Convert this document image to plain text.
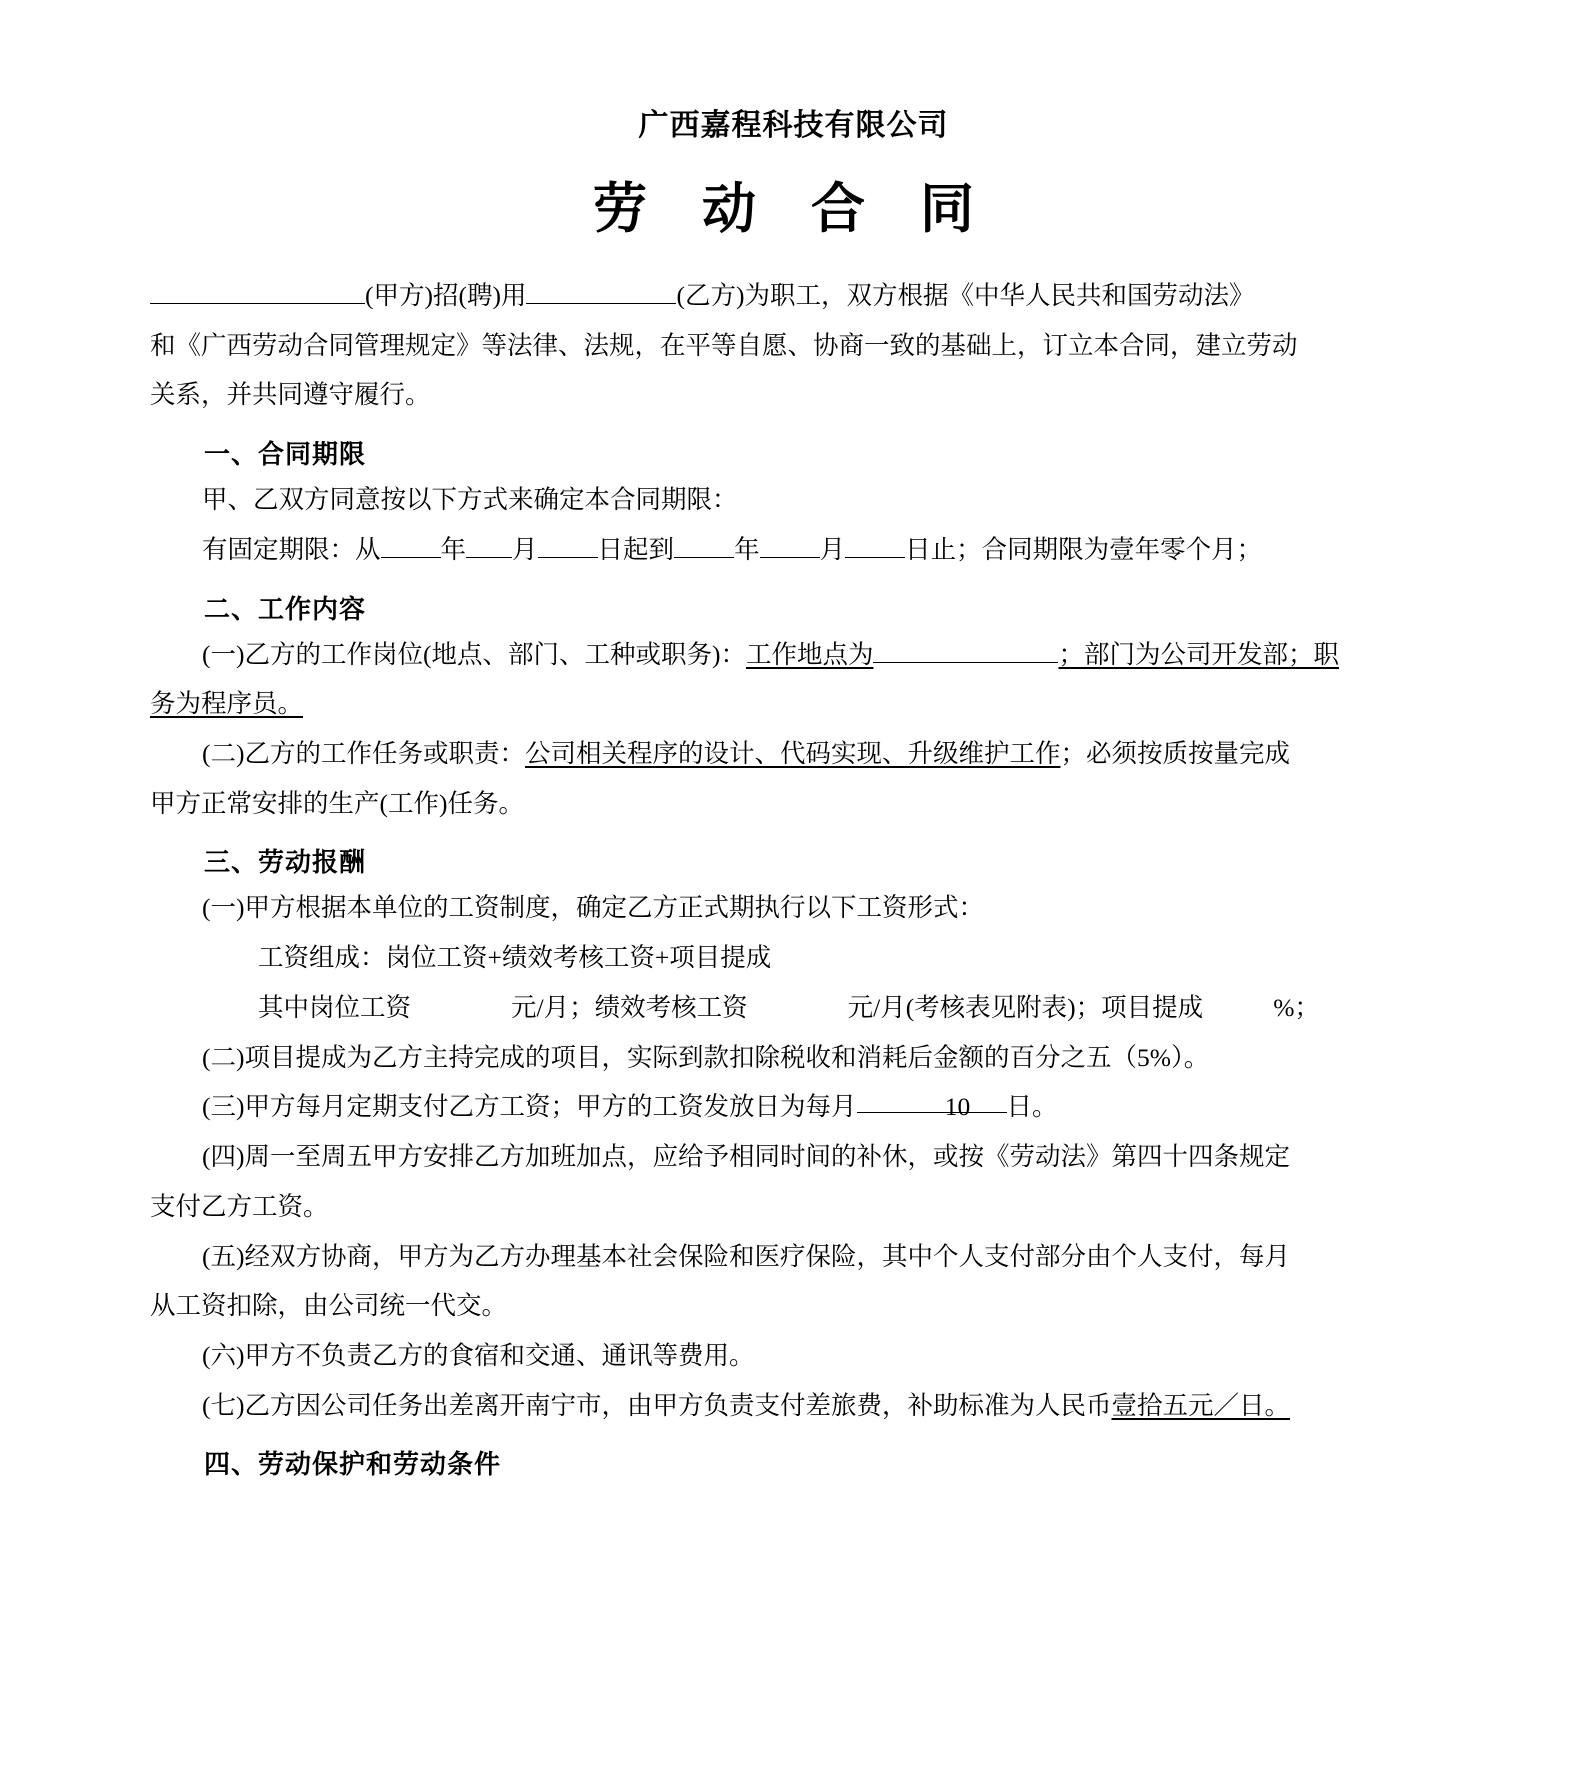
广西嘉程科技有限公司
劳 动 合 同

(甲方)招(聘)用	(乙方)为职工，双方根据《中华人民共和国劳动法》

和《广西劳动合同管理规定》等法律、法规，在平等自愿、协商一致的基础上，订立本合同，建立劳动

关系，并共同遵守履行。

一、合同期限

甲、乙双方同意按以下方式来确定本合同期限：

有固定期限：从 年 月 日起到 年 月 日止；合同期限为壹年零个月；

二、工作内容

(一)乙方的工作岗位(地点、部门、工种或职务)：工作地点为	；部门为公司开发部；职

务为程序员。

(二)乙方的工作任务或职责：公司相关程序的设计、代码实现、升级维护工作；必须按质按量完成

甲方正常安排的生产(工作)任务。

三、劳动报酬

(一)甲方根据本单位的工资制度，确定乙方正式期执行以下工资形式：

工资组成：岗位工资+绩效考核工资+项目提成

其中岗位工资	元/月；绩效考核工资	元/月(考核表见附表)；项目提成	%；

(二)项目提成为乙方主持完成的项目，实际到款扣除税收和消耗后金额的百分之五（5%）。

(三)甲方每月定期支付乙方工资；甲方的工资发放日为每月	10 日。

(四)周一至周五甲方安排乙方加班加点，应给予相同时间的补休，或按《劳动法》第四十四条规定

支付乙方工资。

(五)经双方协商，甲方为乙方办理基本社会保险和医疗保险，其中个人支付部分由个人支付，每月

从工资扣除，由公司统一代交。

(六)甲方不负责乙方的食宿和交通、通讯等费用。

(七)乙方因公司任务出差离开南宁市，由甲方负责支付差旅费，补助标准为人民币壹拾五元／日。

四、劳动保护和劳动条件
